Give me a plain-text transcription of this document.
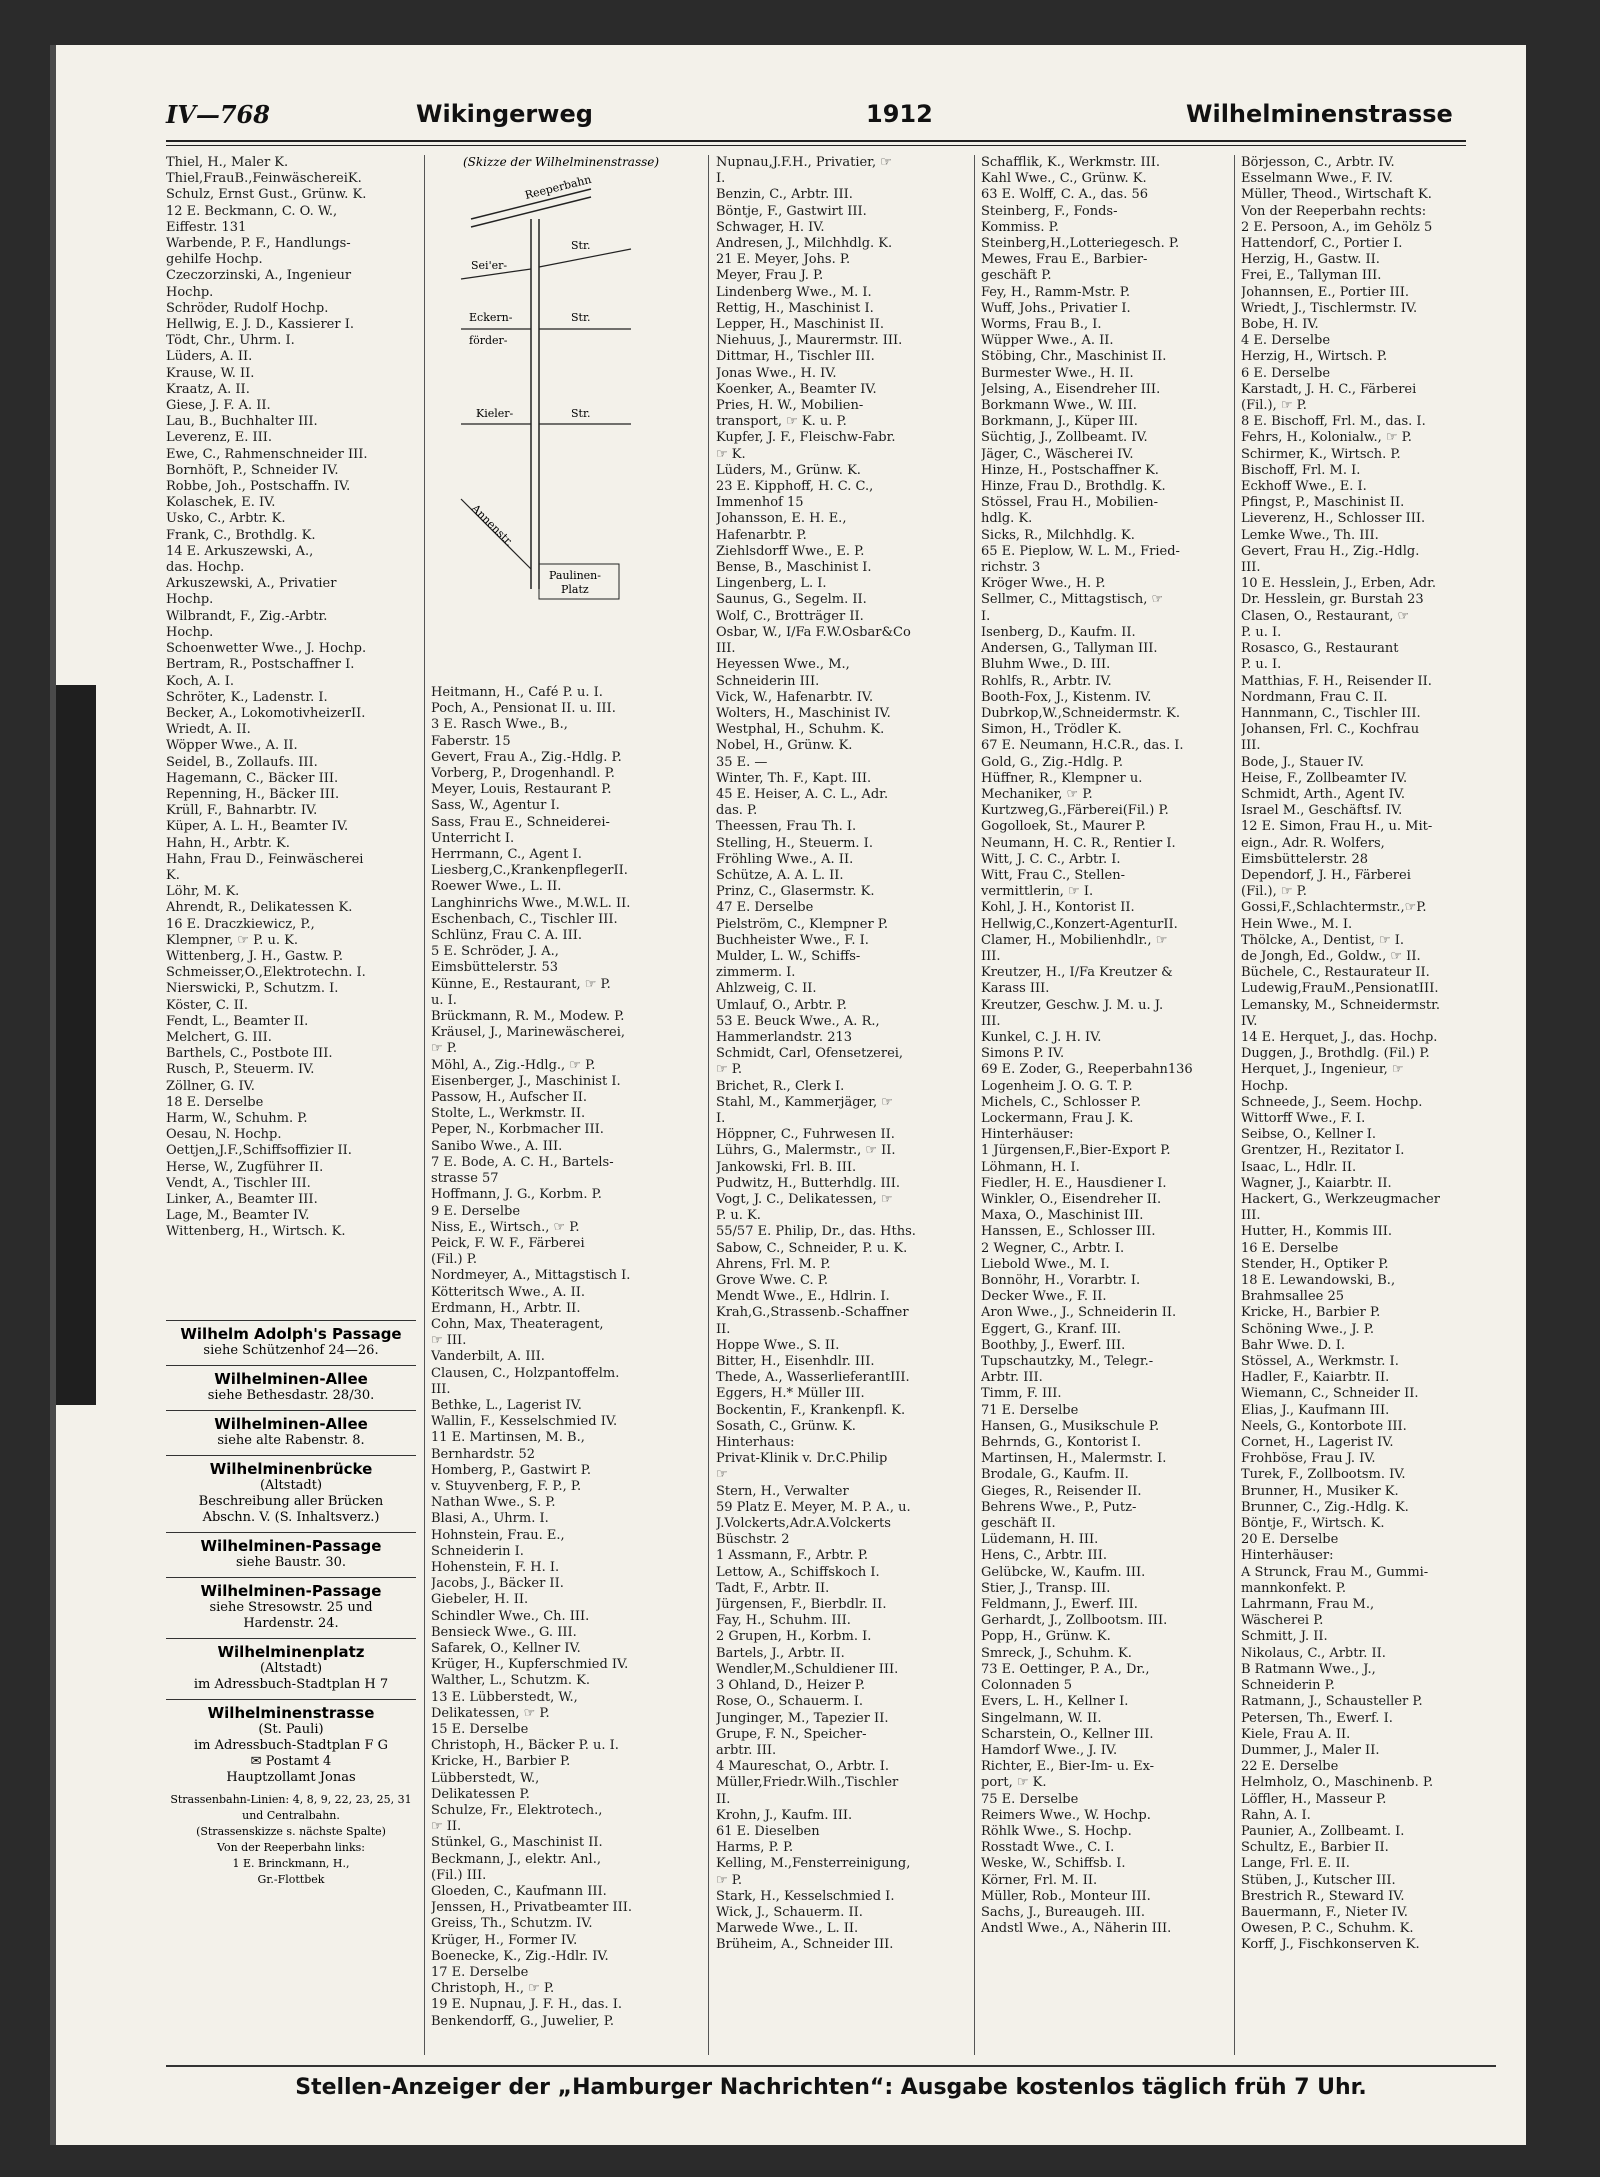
IV—768	Wikingerweg	1912	Wilhelminenstrasse
Thiel, H., Maler K.
Thiel,FrauB.,FeinwäschereiK.
Schulz, Ernst Gust., Grünw. K.
12 E. Beckmann, C. O. W.,
Eiffestr. 131
Warbende, P. F., Handlungs-
gehilfe Hochp.
Czeczorzinski, A., Ingenieur
Hochp.
Schröder, Rudolf Hochp.
Hellwig, E. J. D., Kassierer I.
Tödt, Chr., Uhrm. I.
Lüders, A. II.
Krause, W. II.
Kraatz, A. II.
Giese, J. F. A. II.
Lau, B., Buchhalter III.
Leverenz, E. III.
Ewe, C., Rahmenschneider III.
Bornhöft, P., Schneider IV.
Robbe, Joh., Postschaffn. IV.
Kolaschek, E. IV.
Usko, C., Arbtr. K.
Frank, C., Brothdlg. K.
14 E. Arkuszewski, A.,
das. Hochp.
Arkuszewski, A., Privatier
Hochp.
Wilbrandt, F., Zig.-Arbtr.
Hochp.
Schoenwetter Wwe., J. Hochp.
Bertram, R., Postschaffner I.
Koch, A. I.
Schröter, K., Ladenstr. I.
Becker, A., LokomotivheizerII.
Wriedt, A. II.
Wöpper Wwe., A. II.
Seidel, B., Zollaufs. III.
Hagemann, C., Bäcker III.
Repenning, H., Bäcker III.
Krüll, F., Bahnarbtr. IV.
Küper, A. L. H., Beamter IV.
Hahn, H., Arbtr. K.
Hahn, Frau D., Feinwäscherei
K.
Löhr, M. K.
Ahrendt, R., Delikatessen K.
16 E. Draczkiewicz, P.,
Klempner, ☞ P. u. K.
Wittenberg, J. H., Gastw. P.
Schmeisser,O.,Elektrotechn. I.
Nierswicki, P., Schutzm. I.
Köster, C. II.
Fendt, L., Beamter II.
Melchert, G. III.
Barthels, C., Postbote III.
Rusch, P., Steuerm. IV.
Zöllner, G. IV.
18 E. Derselbe
Harm, W., Schuhm. P.
Oesau, N. Hochp.
Oettjen,J.F.,Schiffsoffizier II.
Herse, W., Zugführer II.
Vendt, A., Tischler III.
Linker, A., Beamter III.
Lage, M., Beamter IV.
Wittenberg, H., Wirtsch. K.
Wilhelm Adolph's Passage
siehe Schützenhof 24—26.
Wilhelminen-Allee
siehe Bethesdastr. 28/30.
Wilhelminen-Allee
siehe alte Rabenstr. 8.
Wilhelminenbrücke
(Altstadt)
Beschreibung aller Brücken
Abschn. V. (S. Inhaltsverz.)
Wilhelminen-Passage
siehe Baustr. 30.
Wilhelminen-Passage
siehe Stresowstr. 25 und
Hardenstr. 24.
Wilhelminenplatz
(Altstadt)
im Adressbuch-Stadtplan H 7
Wilhelminenstrasse
(St. Pauli)
im Adressbuch-Stadtplan F G
✉ Postamt 4
Hauptzollamt Jonas
Strassenbahn-Linien: 4, 8, 9, 22, 23, 25, 31
und Centralbahn.
(Strassenskizze s. nächste Spalte)
Von der Reeperbahn links:
1 E. Brinckmann, H.,
Gr.-Flottbek
(Skizze der Wilhelminenstrasse)
Reeperbahn
Sei'er-
Str.
Eckern-
förder-
Str.
Kieler-	Str.
Annenstr.
Paulinen-
Platz
Heitmann, H., Café P. u. I.
Poch, A., Pensionat II. u. III.
3 E. Rasch Wwe., B.,
Faberstr. 15
Gevert, Frau A., Zig.-Hdlg. P.
Vorberg, P., Drogenhandl. P.
Meyer, Louis, Restaurant P.
Sass, W., Agentur I.
Sass, Frau E., Schneiderei-
Unterricht I.
Herrmann, C., Agent I.
Liesberg,C.,KrankenpflegerII.
Roewer Wwe., L. II.
Langhinrichs Wwe., M.W.L. II.
Eschenbach, C., Tischler III.
Schlünz, Frau C. A. III.
5 E. Schröder, J. A.,
Eimsbüttelerstr. 53
Künne, E., Restaurant, ☞ P.
u. I.
Brückmann, R. M., Modew. P.
Kräusel, J., Marinewäscherei,
☞ P.
Möhl, A., Zig.-Hdlg., ☞ P.
Eisenberger, J., Maschinist I.
Passow, H., Aufscher II.
Stolte, L., Werkmstr. II.
Peper, N., Korbmacher III.
Sanibo Wwe., A. III.
7 E. Bode, A. C. H., Bartels-
strasse 57
Hoffmann, J. G., Korbm. P.
9 E. Derselbe
Niss, E., Wirtsch., ☞ P.
Peick, F. W. F., Färberei
(Fil.) P.
Nordmeyer, A., Mittagstisch I.
Kötteritsch Wwe., A. II.
Erdmann, H., Arbtr. II.
Cohn, Max, Theateragent,
☞ III.
Vanderbilt, A. III.
Clausen, C., Holzpantoffelm.
III.
Bethke, L., Lagerist IV.
Wallin, F., Kesselschmied IV.
11 E. Martinsen, M. B.,
Bernhardstr. 52
Homberg, P., Gastwirt P.
v. Stuyvenberg, F. P., P.
Nathan Wwe., S. P.
Blasi, A., Uhrm. I.
Hohnstein, Frau. E.,
Schneiderin I.
Hohenstein, F. H. I.
Jacobs, J., Bäcker II.
Giebeler, H. II.
Schindler Wwe., Ch. III.
Bensieck Wwe., G. III.
Safarek, O., Kellner IV.
Krüger, H., Kupferschmied IV.
Walther, L., Schutzm. K.
13 E. Lübberstedt, W.,
Delikatessen, ☞ P.
15 E. Derselbe
Christoph, H., Bäcker P. u. I.
Kricke, H., Barbier P.
Lübberstedt, W.,
Delikatessen P.
Schulze, Fr., Elektrotech.,
☞ II.
Stünkel, G., Maschinist II.
Beckmann, J., elektr. Anl.,
(Fil.) III.
Gloeden, C., Kaufmann III.
Jenssen, H., Privatbeamter III.
Greiss, Th., Schutzm. IV.
Krüger, H., Former IV.
Boenecke, K., Zig.-Hdlr. IV.
17 E. Derselbe
Christoph, H., ☞ P.
19 E. Nupnau, J. F. H., das. I.
Benkendorff, G., Juwelier, P.
Nupnau,J.F.H., Privatier, ☞
I.
Benzin, C., Arbtr. III.
Böntje, F., Gastwirt III.
Schwager, H. IV.
Andresen, J., Milchhdlg. K.
21 E. Meyer, Johs. P.
Meyer, Frau J. P.
Lindenberg Wwe., M. I.
Rettig, H., Maschinist I.
Lepper, H., Maschinist II.
Niehuus, J., Maurermstr. III.
Dittmar, H., Tischler III.
Jonas Wwe., H. IV.
Koenker, A., Beamter IV.
Pries, H. W., Mobilien-
transport, ☞ K. u. P.
Kupfer, J. F., Fleischw-Fabr.
☞ K.
Lüders, M., Grünw. K.
23 E. Kipphoff, H. C. C.,
Immenhof 15
Johansson, E. H. E.,
Hafenarbtr. P.
Ziehlsdorff Wwe., E. P.
Bense, B., Maschinist I.
Lingenberg, L. I.
Saunus, G., Segelm. II.
Wolf, C., Brotträger II.
Osbar, W., I/Fa F.W.Osbar&Co
III.
Heyessen Wwe., M.,
Schneiderin III.
Vick, W., Hafenarbtr. IV.
Wolters, H., Maschinist IV.
Westphal, H., Schuhm. K.
Nobel, H., Grünw. K.
35 E. —
Winter, Th. F., Kapt. III.
45 E. Heiser, A. C. L., Adr.
das. P.
Theessen, Frau Th. I.
Stelling, H., Steuerm. I.
Fröhling Wwe., A. II.
Schütze, A. A. L. II.
Prinz, C., Glasermstr. K.
47 E. Derselbe
Pielström, C., Klempner P.
Buchheister Wwe., F. I.
Mulder, L. W., Schiffs-
zimmerm. I.
Ahlzweig, C. II.
Umlauf, O., Arbtr. P.
53 E. Beuck Wwe., A. R.,
Hammerlandstr. 213
Schmidt, Carl, Ofensetzerei,
☞ P.
Brichet, R., Clerk I.
Stahl, M., Kammerjäger, ☞
I.
Höppner, C., Fuhrwesen II.
Lührs, G., Malermstr., ☞ II.
Jankowski, Frl. B. III.
Pudwitz, H., Butterhdlg. III.
Vogt, J. C., Delikatessen, ☞
P. u. K.
55/57 E. Philip, Dr., das. Hths.
Sabow, C., Schneider, P. u. K.
Ahrens, Frl. M. P.
Grove Wwe. C. P.
Mendt Wwe., E., Hdlrin. I.
Krah,G.,Strassenb.-Schaffner
II.
Hoppe Wwe., S. II.
Bitter, H., Eisenhdlr. III.
Thede, A., WasserlieferantIII.
Eggers, H.* Müller III.
Bockentin, F., Krankenpfl. K.
Sosath, C., Grünw. K.
Hinterhaus:
Privat-Klinik v. Dr.C.Philip
☞
Stern, H., Verwalter
59 Platz E. Meyer, M. P. A., u.
J.Volckerts,Adr.A.Volckerts
Büschstr. 2
1 Assmann, F., Arbtr. P.
Lettow, A., Schiffskoch I.
Tadt, F., Arbtr. II.
Jürgensen, F., Bierbdlr. II.
Fay, H., Schuhm. III.
2 Grupen, H., Korbm. I.
Bartels, J., Arbtr. II.
Wendler,M.,Schuldiener III.
3 Ohland, D., Heizer P.
Rose, O., Schauerm. I.
Junginger, M., Tapezier II.
Grupe, F. N., Speicher-
arbtr. III.
4 Maureschat, O., Arbtr. I.
Müller,Friedr.Wilh.,Tischler
II.
Krohn, J., Kaufm. III.
61 E. Dieselben
Harms, P. P.
Kelling, M.,Fensterreinigung,
☞ P.
Stark, H., Kesselschmied I.
Wick, J., Schauerm. II.
Marwede Wwe., L. II.
Brüheim, A., Schneider III.
Schafflik, K., Werkmstr. III.
Kahl Wwe., C., Grünw. K.
63 E. Wolff, C. A., das. 56
Steinberg, F., Fonds-
Kommiss. P.
Steinberg,H.,Lotteriegesch. P.
Mewes, Frau E., Barbier-
geschäft P.
Fey, H., Ramm-Mstr. P.
Wuff, Johs., Privatier I.
Worms, Frau B., I.
Wüpper Wwe., A. II.
Stöbing, Chr., Maschinist II.
Burmester Wwe., H. II.
Jelsing, A., Eisendreher III.
Borkmann Wwe., W. III.
Borkmann, J., Küper III.
Süchtig, J., Zollbeamt. IV.
Jäger, C., Wäscherei IV.
Hinze, H., Postschaffner K.
Hinze, Frau D., Brothdlg. K.
Stössel, Frau H., Mobilien-
hdlg. K.
Sicks, R., Milchhdlg. K.
65 E. Pieplow, W. L. M., Fried-
richstr. 3
Kröger Wwe., H. P.
Sellmer, C., Mittagstisch, ☞
I.
Isenberg, D., Kaufm. II.
Andersen, G., Tallyman III.
Bluhm Wwe., D. III.
Rohlfs, R., Arbtr. IV.
Booth-Fox, J., Kistenm. IV.
Dubrkop,W.,Schneidermstr. K.
Simon, H., Trödler K.
67 E. Neumann, H.C.R., das. I.
Gold, G., Zig.-Hdlg. P.
Hüffner, R., Klempner u.
Mechaniker, ☞ P.
Kurtzweg,G.,Färberei(Fil.) P.
Gogolloek, St., Maurer P.
Neumann, H. C. R., Rentier I.
Witt, J. C. C., Arbtr. I.
Witt, Frau C., Stellen-
vermittlerin, ☞ I.
Kohl, J. H., Kontorist II.
Hellwig,C.,Konzert-AgenturII.
Clamer, H., Mobilienhdlr., ☞
III.
Kreutzer, H., I/Fa Kreutzer &
Karass III.
Kreutzer, Geschw. J. M. u. J.
III.
Kunkel, C. J. H. IV.
Simons P. IV.
69 E. Zoder, G., Reeperbahn136
Logenheim J. O. G. T. P.
Michels, C., Schlosser P.
Lockermann, Frau J. K.
Hinterhäuser:
1 Jürgensen,F.,Bier-Export P.
Löhmann, H. I.
Fiedler, H. E., Hausdiener I.
Winkler, O., Eisendreher II.
Maxa, O., Maschinist III.
Hanssen, E., Schlosser III.
2 Wegner, C., Arbtr. I.
Liebold Wwe., M. I.
Bonnöhr, H., Vorarbtr. I.
Decker Wwe., F. II.
Aron Wwe., J., Schneiderin II.
Eggert, G., Kranf. III.
Boothby, J., Ewerf. III.
Tupschautzky, M., Telegr.-
Arbtr. III.
Timm, F. III.
71 E. Derselbe
Hansen, G., Musikschule P.
Behrnds, G., Kontorist I.
Martinsen, H., Malermstr. I.
Brodale, G., Kaufm. II.
Gieges, R., Reisender II.
Behrens Wwe., P., Putz-
geschäft II.
Lüdemann, H. III.
Hens, C., Arbtr. III.
Gelübcke, W., Kaufm. III.
Stier, J., Transp. III.
Feldmann, J., Ewerf. III.
Gerhardt, J., Zollbootsm. III.
Popp, H., Grünw. K.
Smreck, J., Schuhm. K.
73 E. Oettinger, P. A., Dr.,
Colonnaden 5
Evers, L. H., Kellner I.
Singelmann, W. II.
Scharstein, O., Kellner III.
Hamdorf Wwe., J. IV.
Richter, E., Bier-Im- u. Ex-
port, ☞ K.
75 E. Derselbe
Reimers Wwe., W. Hochp.
Röhlk Wwe., S. Hochp.
Rosstadt Wwe., C. I.
Weske, W., Schiffsb. I.
Körner, Frl. M. II.
Müller, Rob., Monteur III.
Sachs, J., Bureaugeh. III.
Andstl Wwe., A., Näherin III.
Börjesson, C., Arbtr. IV.
Esselmann Wwe., F. IV.
Müller, Theod., Wirtschaft K.
Von der Reeperbahn rechts:
2 E. Persoon, A., im Gehölz 5
Hattendorf, C., Portier I.
Herzig, H., Gastw. II.
Frei, E., Tallyman III.
Johannsen, E., Portier III.
Wriedt, J., Tischlermstr. IV.
Bobe, H. IV.
4 E. Derselbe
Herzig, H., Wirtsch. P.
6 E. Derselbe
Karstadt, J. H. C., Färberei
(Fil.), ☞ P.
8 E. Bischoff, Frl. M., das. I.
Fehrs, H., Kolonialw., ☞ P.
Schirmer, K., Wirtsch. P.
Bischoff, Frl. M. I.
Eckhoff Wwe., E. I.
Pfingst, P., Maschinist II.
Lieverenz, H., Schlosser III.
Lemke Wwe., Th. III.
Gevert, Frau H., Zig.-Hdlg.
III.
10 E. Hesslein, J., Erben, Adr.
Dr. Hesslein, gr. Burstah 23
Clasen, O., Restaurant, ☞
P. u. I.
Rosasco, G., Restaurant
P. u. I.
Matthias, F. H., Reisender II.
Nordmann, Frau C. II.
Hannmann, C., Tischler III.
Johansen, Frl. C., Kochfrau
III.
Bode, J., Stauer IV.
Heise, F., Zollbeamter IV.
Schmidt, Arth., Agent IV.
Israel M., Geschäftsf. IV.
12 E. Simon, Frau H., u. Mit-
eign., Adr. R. Wolfers,
Eimsbüttelerstr. 28
Dependorf, J. H., Färberei
(Fil.), ☞ P.
Gossi,F.,Schlachtermstr.,☞P.
Hein Wwe., M. I.
Thölcke, A., Dentist, ☞ I.
de Jongh, Ed., Goldw., ☞ II.
Büchele, C., Restaurateur II.
Ludewig,FrauM.,PensionatIII.
Lemansky, M., Schneidermstr.
IV.
14 E. Herquet, J., das. Hochp.
Duggen, J., Brothdlg. (Fil.) P.
Herquet, J., Ingenieur, ☞
Hochp.
Schneede, J., Seem. Hochp.
Wittorff Wwe., F. I.
Seibse, O., Kellner I.
Grentzer, H., Rezitator I.
Isaac, L., Hdlr. II.
Wagner, J., Kaiarbtr. II.
Hackert, G., Werkzeugmacher
III.
Hutter, H., Kommis III.
16 E. Derselbe
Stender, H., Optiker P.
18 E. Lewandowski, B.,
Brahmsallee 25
Kricke, H., Barbier P.
Schöning Wwe., J. P.
Bahr Wwe. D. I.
Stössel, A., Werkmstr. I.
Hadler, F., Kaiarbtr. II.
Wiemann, C., Schneider II.
Elias, J., Kaufmann III.
Neels, G., Kontorbote III.
Cornet, H., Lagerist IV.
Frohböse, Frau J. IV.
Turek, F., Zollbootsm. IV.
Brunner, H., Musiker K.
Brunner, C., Zig.-Hdlg. K.
Böntje, F., Wirtsch. K.
20 E. Derselbe
Hinterhäuser:
A Strunck, Frau M., Gummi-
mannkonfekt. P.
Lahrmann, Frau M.,
Wäscherei P.
Schmitt, J. II.
Nikolaus, C., Arbtr. II.
B Ratmann Wwe., J.,
Schneiderin P.
Ratmann, J., Schausteller P.
Petersen, Th., Ewerf. I.
Kiele, Frau A. II.
Dummer, J., Maler II.
22 E. Derselbe
Helmholz, O., Maschinenb. P.
Löffler, H., Masseur P.
Rahn, A. I.
Paunier, A., Zollbeamt. I.
Schultz, E., Barbier II.
Lange, Frl. E. II.
Stüben, J., Kutscher III.
Brestrich R., Steward IV.
Bauermann, F., Nieter IV.
Owesen, P. C., Schuhm. K.
Korff, J., Fischkonserven K.
Stellen-Anzeiger der „Hamburger Nachrichten“: Ausgabe kostenlos täglich früh 7 Uhr.
